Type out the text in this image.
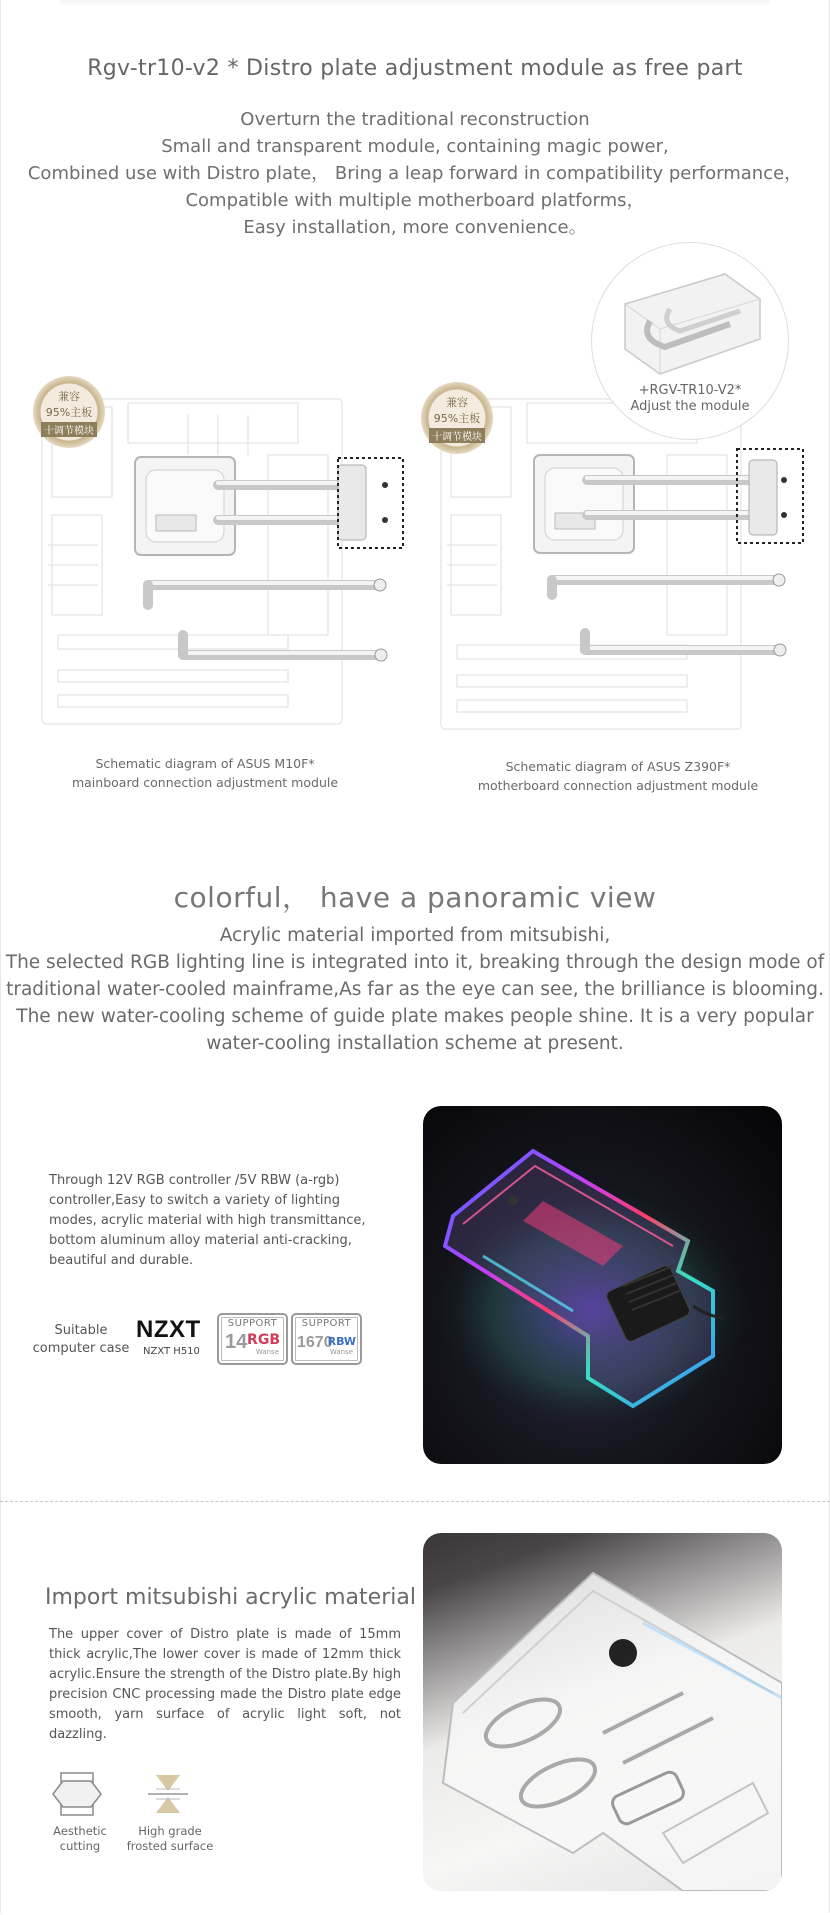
Rgv-tr10-v2 * Distro plate adjustment module as free part
Overturn the traditional reconstruction
Small and transparent module, containing magic power,
Combined use with Distro plate， Bring a leap forward in compatibility performance，
Compatible with multiple motherboard platforms，
Easy installation, more convenience。
兼容
95%主板
十调节模块
兼容
95%主板
十调节模块
+RGV-TR10-V2*
Adjust the module
Schematic diagram of ASUS M10F*
mainboard connection adjustment module
Schematic diagram of ASUS Z390F*
motherboard connection adjustment module
colorful， have a panoramic view
Acrylic material imported from mitsubishi,
The selected RGB lighting line is integrated into it, breaking through the design mode of
traditional water-cooled mainframe,As far as the eye can see, the brilliance is blooming.
The new water-cooling scheme of guide plate makes people shine. It is a very popular
water-cooling installation scheme at present.
Through 12V RGB controller /5V RBW (a-rgb) controller,Easy to switch a variety of lighting modes, acrylic material with high transmittance, bottom aluminum alloy material anti-cracking, beautiful and durable.
Suitable
computer case
NZXT
NZXT H510
SUPPORT
14 RGB
Wanse
SUPPORT
1670
RBW
Wanse
Import mitsubishi acrylic material
The upper cover of Distro plate is made of 15mm thick acrylic,The lower cover is made of 12mm thick acrylic.Ensure the strength of the Distro plate.By high precision CNC processing made the Distro plate edge smooth, yarn surface of acrylic light soft, not dazzling.
Aesthetic
cutting
High grade
frosted surface
